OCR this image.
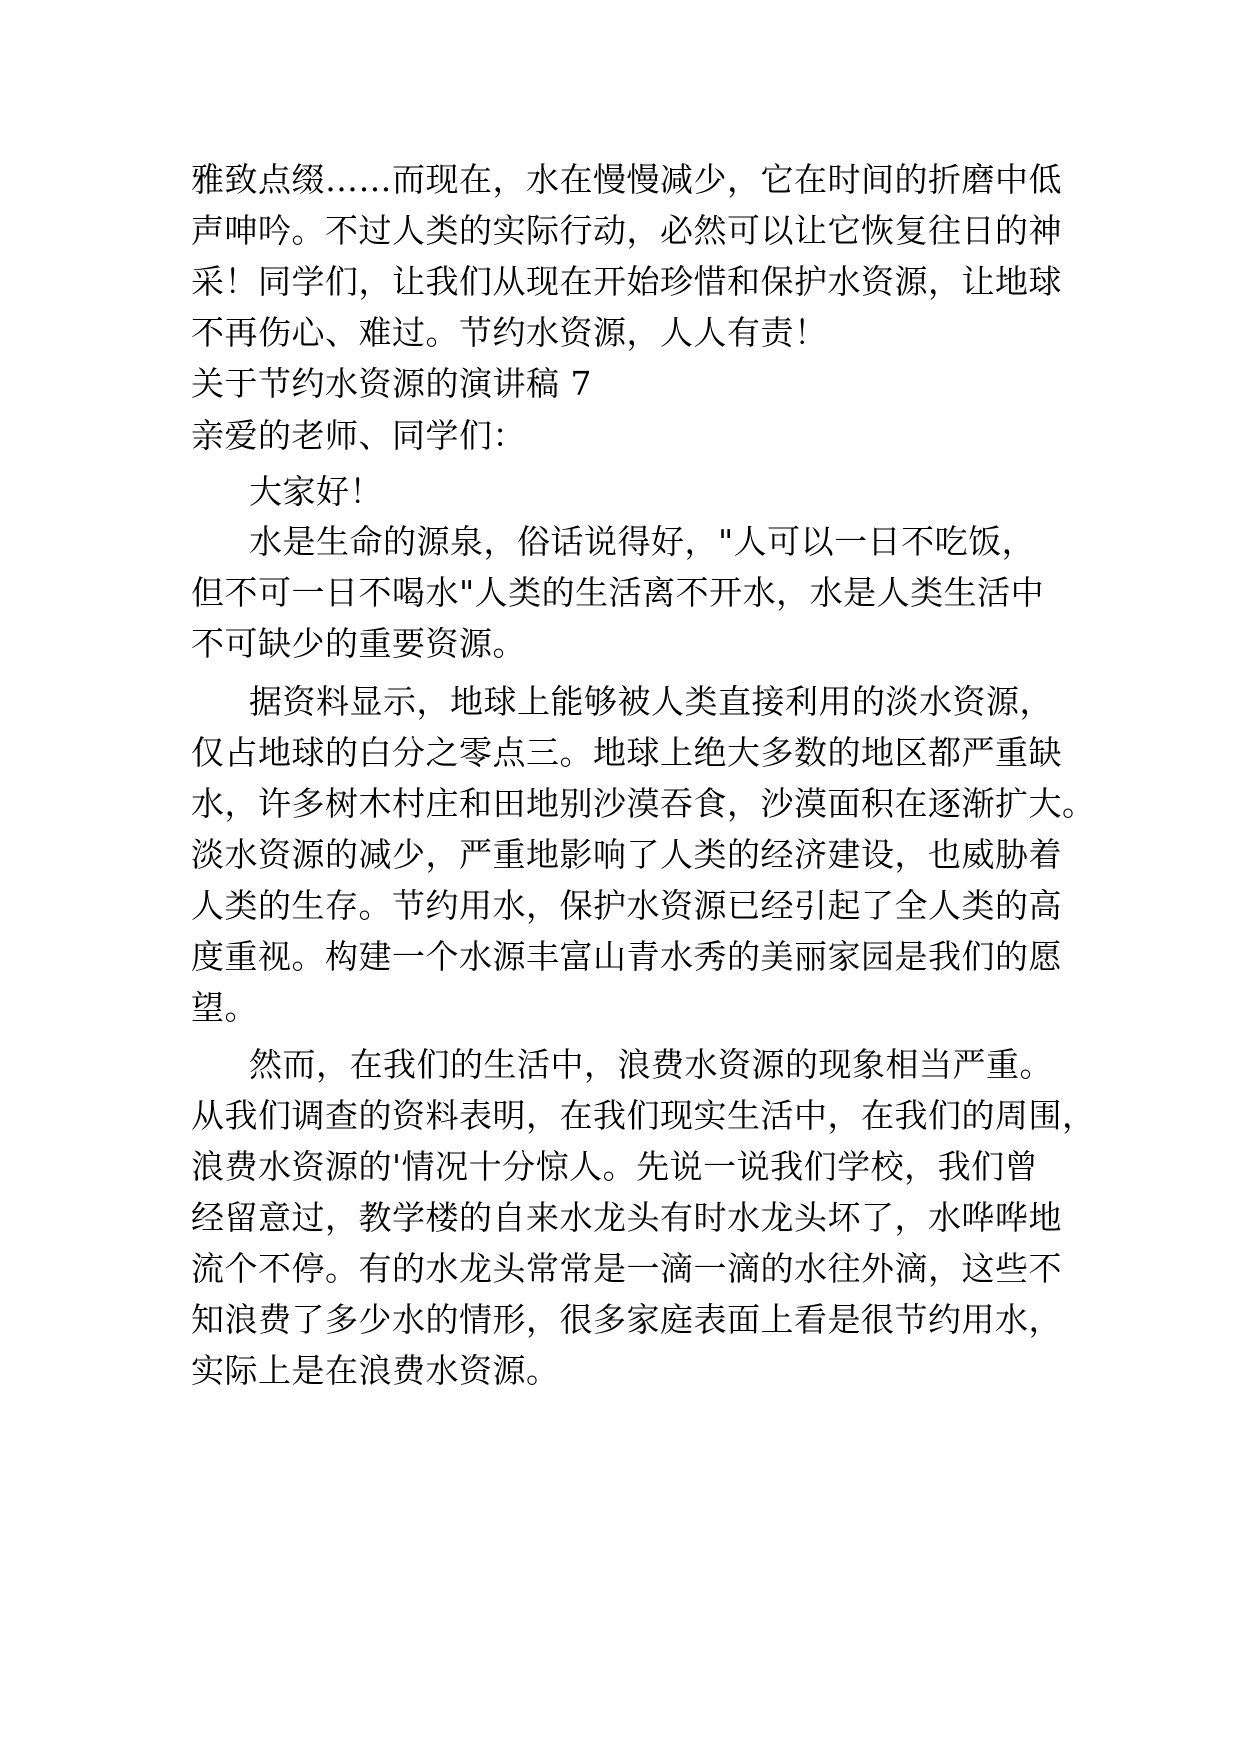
雅致点缀……而现在，水在慢慢减少，它在时间的折磨中低
声呻吟。不过人类的实际行动，必然可以让它恢复往日的神
采！同学们，让我们从现在开始珍惜和保护水资源，让地球
不再伤心、难过。节约水资源，人人有责！
关于节约水资源的演讲稿 7
亲爱的老师、同学们：
大家好！
水是生命的源泉，俗话说得好，"人可以一日不吃饭，
但不可一日不喝水"人类的生活离不开水，水是人类生活中
不可缺少的重要资源。
据资料显示，地球上能够被人类直接利用的淡水资源，
仅占地球的白分之零点三。地球上绝大多数的地区都严重缺
水，许多树木村庄和田地别沙漠吞食，沙漠面积在逐渐扩大。
淡水资源的减少，严重地影响了人类的经济建设，也威胁着
人类的生存。节约用水，保护水资源已经引起了全人类的高
度重视。构建一个水源丰富山青水秀的美丽家园是我们的愿
望。
然而，在我们的生活中，浪费水资源的现象相当严重。
从我们调查的资料表明，在我们现实生活中，在我们的周围，
浪费水资源的'情况十分惊人。先说一说我们学校，我们曾
经留意过，教学楼的自来水龙头有时水龙头坏了，水哗哗地
流个不停。有的水龙头常常是一滴一滴的水往外滴，这些不
知浪费了多少水的情形，很多家庭表面上看是很节约用水，
实际上是在浪费水资源。
